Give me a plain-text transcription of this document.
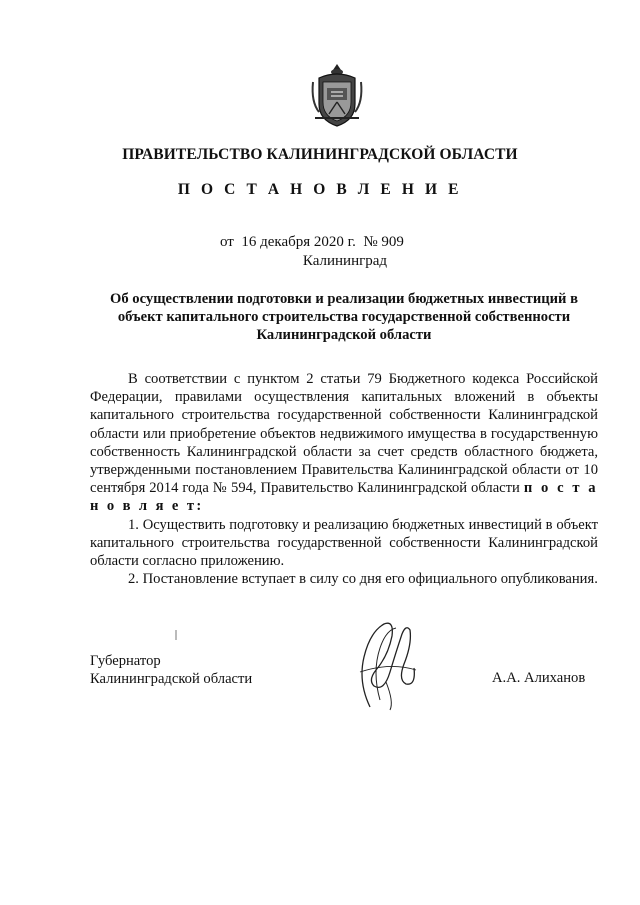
ПРАВИТЕЛЬСТВО КАЛИНИНГРАДСКОЙ ОБЛАСТИ
П О С Т А Н О В Л Е Н И Е
от 16 декабря 2020 г. № 909
Калининград
Об осуществлении подготовки и реализации бюджетных инвестиций в объект капитального строительства государственной собственности Калининградской области

В соответствии с пунктом 2 статьи 79 Бюджетного кодекса Российской Федерации, правилами осуществления капитальных вложений в объекты капитального строительства государственной собственности Калининградской области или приобретение объектов недвижимого имущества в государственную собственность Калининградской области за счет средств областного бюджета, утвержденными постановлением Правительства Калининградской области от 10 сентября 2014 года № 594, Правительство Калининградской области п о с т а н о в л я е т:

1. Осуществить подготовку и реализацию бюджетных инвестиций в объект капитального строительства государственной собственности Калининградской области согласно приложению.

2. Постановление вступает в силу со дня его официального опубликования.

Губернатор
Калининградской области	А.А. Алиханов
